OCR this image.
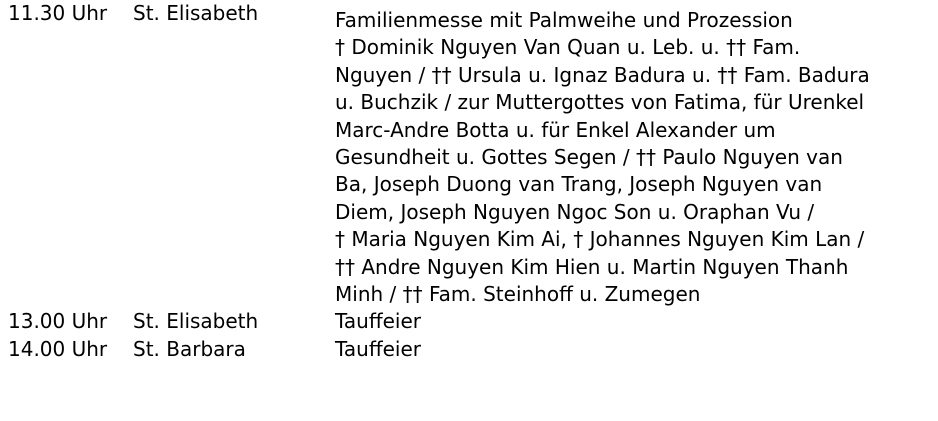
11.30 Uhr St. Elisabeth	Familienmesse mit Palmweihe und Prozession
† Dominik Nguyen Van Quan u. Leb. u. †† Fam.
Nguyen / †† Ursula u. Ignaz Badura u. †† Fam. Badura
u. Buchzik / zur Muttergottes von Fatima, für Urenkel
Marc-Andre Botta u. für Enkel Alexander um
Gesundheit u. Gottes Segen / †† Paulo Nguyen van
Ba, Joseph Duong van Trang, Joseph Nguyen van
Diem, Joseph Nguyen Ngoc Son u. Oraphan Vu /
† Maria Nguyen Kim Ai, † Johannes Nguyen Kim Lan /
†† Andre Nguyen Kim Hien u. Martin Nguyen Thanh
Minh / †† Fam. Steinhoff u. Zumegen
13.00 Uhr St. Elisabeth	Tauffeier
14.00 Uhr St. Barbara	Tauffeier
